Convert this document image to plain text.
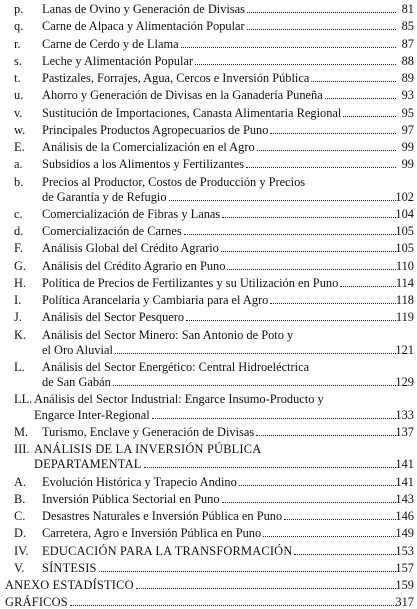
p. Lanas de Ovino y Generación de Divisas	81
q. Carne de Alpaca y Alimentación Popular	85
r. Carne de Cerdo y de Llama	87
s. Leche y Alimentación Popular	88
t. Pastizales, Forrajes, Agua, Cercos e Inversión Pública	89
u. Ahorro y Generación de Divisas en la Ganadería Puneña	93
v. Sustitución de Importaciones, Canasta Alimentaria Regional	95
w. Principales Productos Agropecuarios de Puno	97
E. Análisis de la Comercialización en el Agro	99
a. Subsidios a los Alimentos y Fertilizantes	99
b. Precios al Productor, Costos de Producción y Precios
de Garantía y de Refugio	102
c. Comercialización de Fibras y Lanas	104
d. Comercialización de Carnes	105
F. Análisis Global del Crédito Agrario	105
G. Análisis del Crédito Agrario en Puno	110
H. Política de Precios de Fertilizantes y su Utilización en Puno	114
I. Política Arancelaria y Cambiaria para el Agro	118
J. Análisis del Sector Pesquero	119
K. Análisis del Sector Minero: San Antonio de Poto y
el Oro Aluvial	121
L. Análisis del Sector Energético: Central Hidroeléctrica
de San Gabán	129
LL. Análisis del Sector Industrial: Engarce Insumo-Producto y
Engarce Inter-Regional	133
M. Turismo, Enclave y Generación de Divisas	137
III. ANÁLISIS DE LA INVERSIÓN PÚBLICA
DEPARTAMENTAL	141
A. Evolución Histórica y Trapecio Andino	141
B. Inversión Pública Sectorial en Puno	143
C. Desastres Naturales e Inversión Pública en Puno	146
D. Carretera, Agro e Inversión Pública en Puno	149
IV. EDUCACIÓN PARA LA TRANSFORMACIÓN	153
V. SÍNTESIS	157
ANEXO ESTADÍSTICO	159
GRÁFICOS	317
